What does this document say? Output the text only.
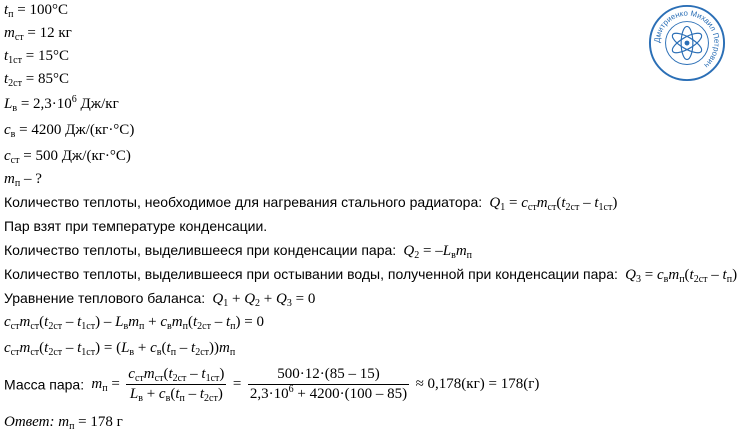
$t_п = 100^\circ C$
$m_{ст} = 12$ кг
$t_{1ст} = 15^\circ C$
$t_{2ст} = 85^\circ C$
$L_в = 2,3\cdot 10^6$ Дж/кг
$c_в = 4200$ Дж/(кг·°C)
$c_{ст} = 500$ Дж/(кг·°C)
$m_п$ – ?
Количество теплоты, необходимое для нагревания стального радиатора: $Q_1 = c_{ст}m_{ст}(t_{2ст} - t_{1ст})$
Пар взят при температуре конденсации.
Количество теплоты, выделившееся при конденсации пара: $Q_2 = -L_вm_п$
Количество теплоты, выделившееся при остывании воды, полученной при конденсации пара: $Q_3 = c_вm_п(t_{2ст} - t_п)$
Уравнение теплового баланса: $Q_1 + Q_2 + Q_3 = 0$
$c_{ст}m_{ст}(t_{2ст} - t_{1ст}) - L_вm_п + c_вm_п(t_{2ст} - t_п) = 0$
$c_{ст}m_{ст}(t_{2ст} - t_{1ст}) = (L_в + c_в(t_п - t_{2ст}))m_п$
Масса пара: $m_п = \frac{c_{ст}m_{ст}(t_{2ст} - t_{1ст})}{L_в + c_в(t_п - t_{2ст})} = \frac{500\cdot 12\cdot(85 - 15)}{2,3\cdot 10^6 + 4200\cdot(100 - 85)} \approx 0,178(кг) = 178(г)$
Ответ: $m_п = 178$ г
Дмитриенко Михаил Петрович
